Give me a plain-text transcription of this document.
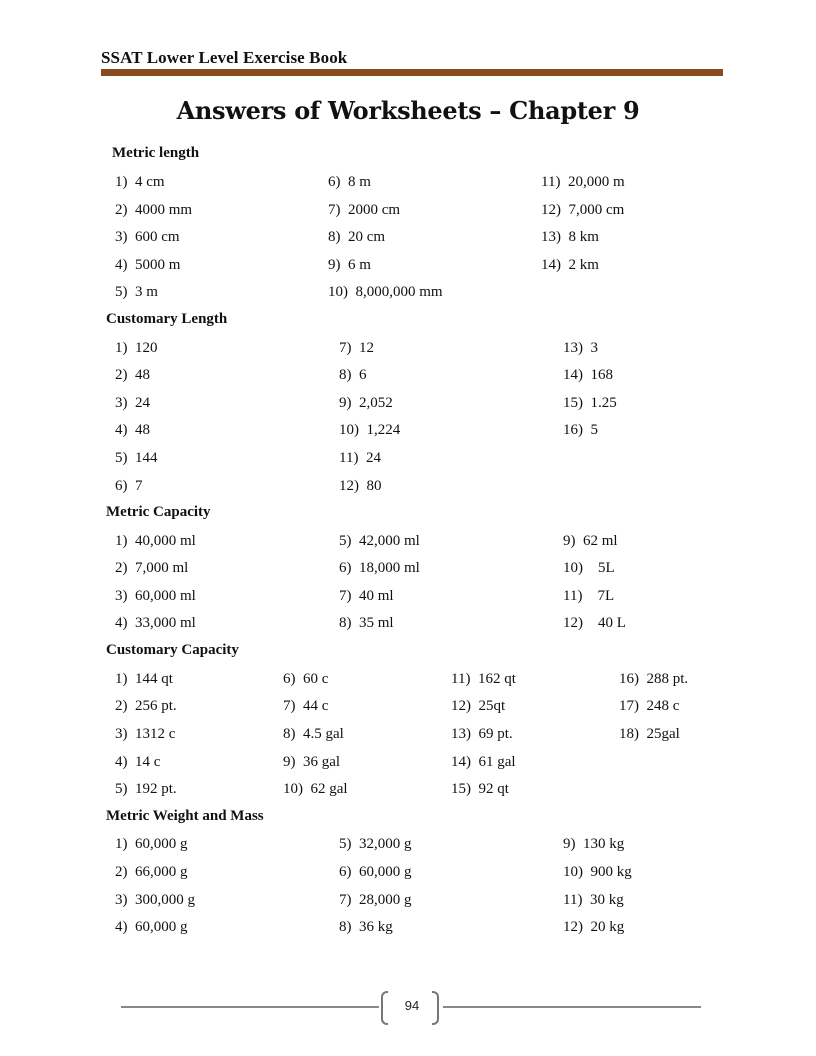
SSAT Lower Level Exercise Book
Answers of Worksheets – Chapter 9
Metric length
1)  4 cm
2)  4000 mm
3)  600 cm
4)  5000 m
5)  3 m
6)  8 m
7)  2000 cm
8)  20 cm
9)  6 m
10)  8,000,000 mm
11)  20,000 m
12)  7,000 cm
13)  8 km
14)  2 km
Customary Length
1)  120
2)  48
3)  24
4)  48
5)  144
6)  7
7)  12
8)  6
9)  2,052
10)  1,224
11)  24
12)  80
13)  3
14)  168
15)  1.25
16)  5
Metric Capacity
1)  40,000 ml
2)  7,000 ml
3)  60,000 ml
4)  33,000 ml
5)  42,000 ml
6)  18,000 ml
7)  40 ml
8)  35 ml
9)  62 ml
10)    5L
11)    7L
12)    40 L
Customary Capacity
1)  144 qt
2)  256 pt.
3)  1312 c
4)  14 c
5)  192 pt.
6)  60 c
7)  44 c
8)  4.5 gal
9)  36 gal
10)  62 gal
11)  162 qt
12)  25qt
13)  69 pt.
14)  61 gal
15)  92 qt
16)  288 pt.
17)  248 c
18)  25gal
Metric Weight and Mass
1)  60,000 g
2)  66,000 g
3)  300,000 g
4)  60,000 g
5)  32,000 g
6)  60,000 g
7)  28,000 g
8)  36 kg
9)  130 kg
10)  900 kg
11)  30 kg
12)  20 kg
94
